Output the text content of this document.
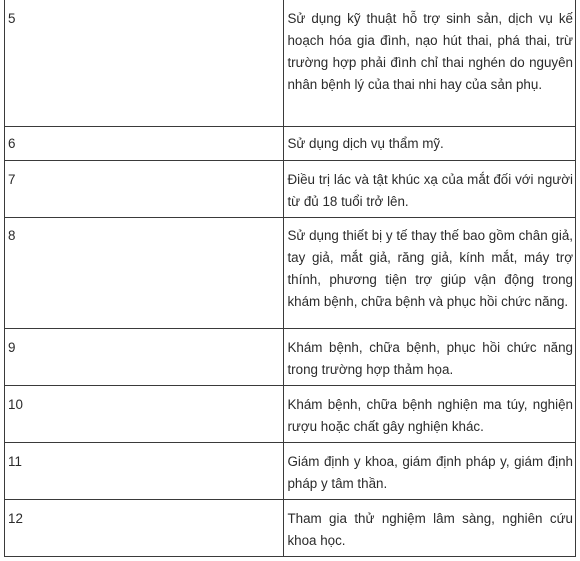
5	Sử dụng kỹ thuật hỗ trợ sinh sản, dịch vụ kế hoạch hóa gia đình, nạo hút thai, phá thai, trừ trường hợp phải đình chỉ thai nghén do nguyên nhân bệnh lý của thai nhi hay của sản phụ.
6	Sử dụng dịch vụ thẩm mỹ.
7	Điều trị lác và tật khúc xạ của mắt đối với người từ đủ 18 tuổi trở lên.
8	Sử dụng thiết bị y tế thay thế bao gồm chân giả, tay giả, mắt giả, răng giả, kính mắt, máy trợ thính, phương tiện trợ giúp vận động trong khám bệnh, chữa bệnh và phục hồi chức năng.
9	Khám bệnh, chữa bệnh, phục hồi chức năng trong trường hợp thảm họa.
10	Khám bệnh, chữa bệnh nghiện ma túy, nghiện rượu hoặc chất gây nghiện khác.
11	Giám định y khoa, giám định pháp y, giám định pháp y tâm thần.
12	Tham gia thử nghiệm lâm sàng, nghiên cứu khoa học.
